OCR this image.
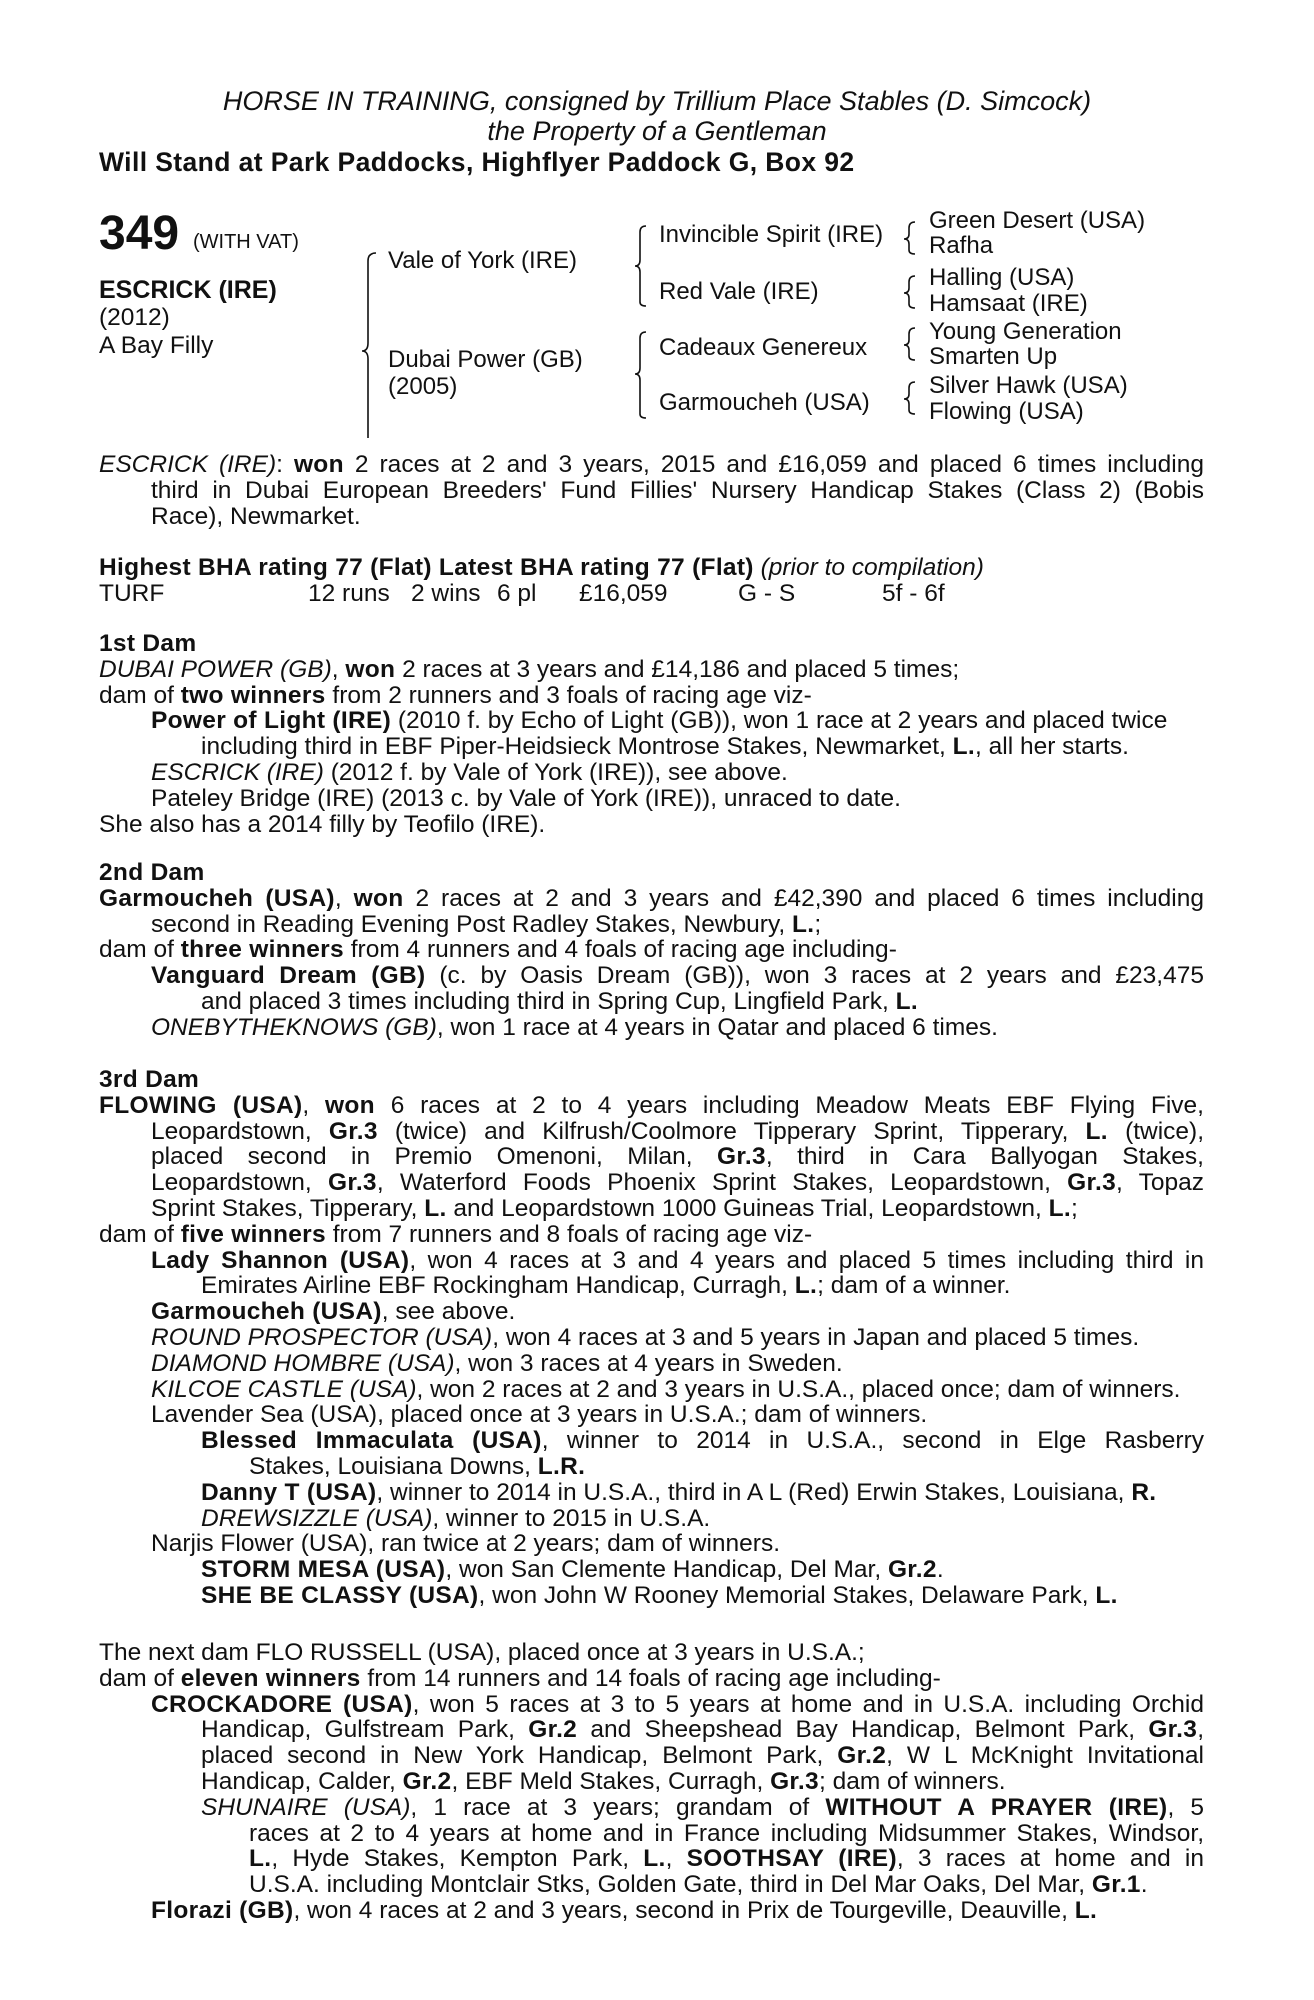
HORSE IN TRAINING, consigned by Trillium Place Stables (D. Simcock)
the Property of a Gentleman
Will Stand at Park Paddocks, Highflyer Paddock G, Box 92
349 (WITH VAT)
ESCRICK (IRE)
(2012)
A Bay Filly
Vale of York (IRE)
Dubai Power (GB)
(2005)
Invincible Spirit (IRE)
Red Vale (IRE)
Cadeaux Genereux
Garmoucheh (USA)
Green Desert (USA)
Rafha
Halling (USA)
Hamsaat (IRE)
Young Generation
Smarten Up
Silver Hawk (USA)
Flowing (USA)
ESCRICK (IRE): won 2 races at 2 and 3 years, 2015 and £16,059 and placed 6 times including
third in Dubai European Breeders' Fund Fillies' Nursery Handicap Stakes (Class 2) (Bobis
Race), Newmarket.
Highest BHA rating 77 (Flat) Latest BHA rating 77 (Flat) (prior to compilation)
TURF	12 runs 2 wins 6 pl £16,059	G - S	5f - 6f
1st Dam
DUBAI POWER (GB), won 2 races at 3 years and £14,186 and placed 5 times;
dam of two winners from 2 runners and 3 foals of racing age viz-
Power of Light (IRE) (2010 f. by Echo of Light (GB)), won 1 race at 2 years and placed twice
including third in EBF Piper-Heidsieck Montrose Stakes, Newmarket, L., all her starts.
ESCRICK (IRE) (2012 f. by Vale of York (IRE)), see above.
Pateley Bridge (IRE) (2013 c. by Vale of York (IRE)), unraced to date.
She also has a 2014 filly by Teofilo (IRE).
2nd Dam
Garmoucheh (USA), won 2 races at 2 and 3 years and £42,390 and placed 6 times including
second in Reading Evening Post Radley Stakes, Newbury, L.;
dam of three winners from 4 runners and 4 foals of racing age including-
Vanguard Dream (GB) (c. by Oasis Dream (GB)), won 3 races at 2 years and £23,475
and placed 3 times including third in Spring Cup, Lingfield Park, L.
ONEBYTHEKNOWS (GB), won 1 race at 4 years in Qatar and placed 6 times.
3rd Dam
FLOWING (USA), won 6 races at 2 to 4 years including Meadow Meats EBF Flying Five,
Leopardstown, Gr.3 (twice) and Kilfrush/Coolmore Tipperary Sprint, Tipperary, L. (twice),
placed second in Premio Omenoni, Milan, Gr.3, third in Cara Ballyogan Stakes,
Leopardstown, Gr.3, Waterford Foods Phoenix Sprint Stakes, Leopardstown, Gr.3, Topaz
Sprint Stakes, Tipperary, L. and Leopardstown 1000 Guineas Trial, Leopardstown, L.;
dam of five winners from 7 runners and 8 foals of racing age viz-
Lady Shannon (USA), won 4 races at 3 and 4 years and placed 5 times including third in
Emirates Airline EBF Rockingham Handicap, Curragh, L.; dam of a winner.
Garmoucheh (USA), see above.
ROUND PROSPECTOR (USA), won 4 races at 3 and 5 years in Japan and placed 5 times.
DIAMOND HOMBRE (USA), won 3 races at 4 years in Sweden.
KILCOE CASTLE (USA), won 2 races at 2 and 3 years in U.S.A., placed once; dam of winners.
Lavender Sea (USA), placed once at 3 years in U.S.A.; dam of winners.
Blessed Immaculata (USA), winner to 2014 in U.S.A., second in Elge Rasberry
Stakes, Louisiana Downs, L.R.
Danny T (USA), winner to 2014 in U.S.A., third in A L (Red) Erwin Stakes, Louisiana, R.
DREWSIZZLE (USA), winner to 2015 in U.S.A.
Narjis Flower (USA), ran twice at 2 years; dam of winners.
STORM MESA (USA), won San Clemente Handicap, Del Mar, Gr.2.
SHE BE CLASSY (USA), won John W Rooney Memorial Stakes, Delaware Park, L.
The next dam FLO RUSSELL (USA), placed once at 3 years in U.S.A.;
dam of eleven winners from 14 runners and 14 foals of racing age including-
CROCKADORE (USA), won 5 races at 3 to 5 years at home and in U.S.A. including Orchid
Handicap, Gulfstream Park, Gr.2 and Sheepshead Bay Handicap, Belmont Park, Gr.3,
placed second in New York Handicap, Belmont Park, Gr.2, W L McKnight Invitational
Handicap, Calder, Gr.2, EBF Meld Stakes, Curragh, Gr.3; dam of winners.
SHUNAIRE (USA), 1 race at 3 years; grandam of WITHOUT A PRAYER (IRE), 5
races at 2 to 4 years at home and in France including Midsummer Stakes, Windsor,
L., Hyde Stakes, Kempton Park, L., SOOTHSAY (IRE), 3 races at home and in
U.S.A. including Montclair Stks, Golden Gate, third in Del Mar Oaks, Del Mar, Gr.1.
Florazi (GB), won 4 races at 2 and 3 years, second in Prix de Tourgeville, Deauville, L.
